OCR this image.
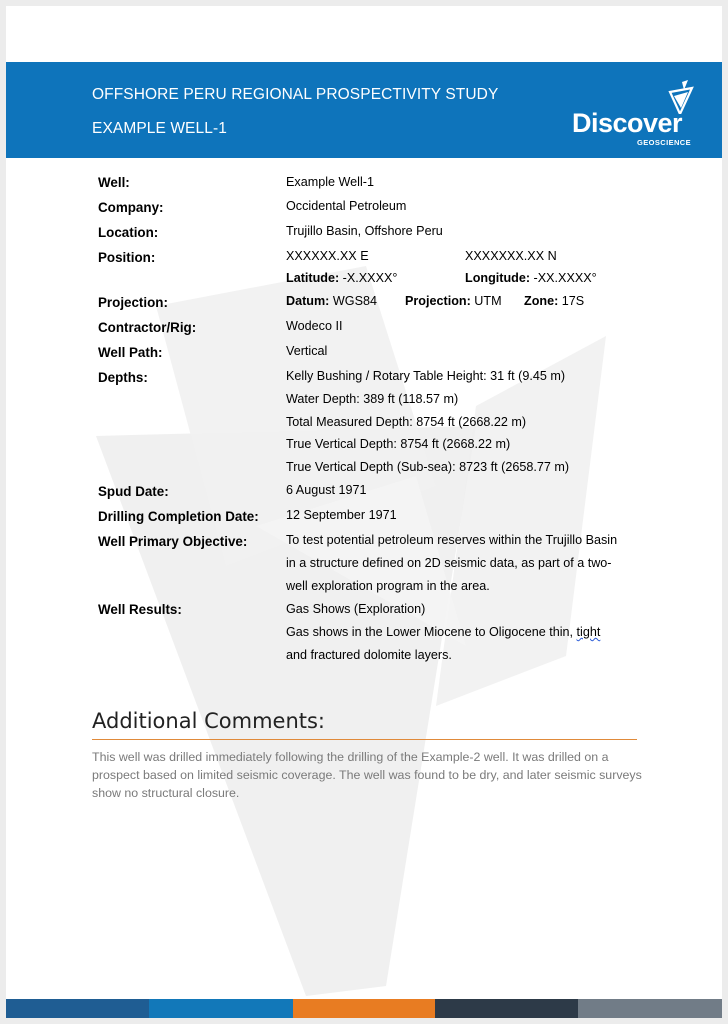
OFFSHORE PERU REGIONAL PROSPECTIVITY STUDY
EXAMPLE WELL-1	Discover
GEOSCIENCE
Well:	Example Well-1
Company:	Occidental Petroleum
Location:	Trujillo Basin, Offshore Peru
Position:	XXXXXX.XX E	XXXXXXX.XX N
Latitude: -X.XXXX°	Longitude: -XX.XXXX°
Projection:	Datum: WGS84 Projection: UTM Zone: 17S
Contractor/Rig:	Wodeco II
Well Path:	Vertical
Depths:	Kelly Bushing / Rotary Table Height: 31 ft (9.45 m)
Water Depth: 389 ft (118.57 m)
Total Measured Depth: 8754 ft (2668.22 m)
True Vertical Depth: 8754 ft (2668.22 m)
True Vertical Depth (Sub-sea): 8723 ft (2658.77 m)
Spud Date:	6 August 1971
Drilling Completion Date: 12 September 1971
Well Primary Objective:	To test potential petroleum reserves within the Trujillo Basin
in a structure defined on 2D seismic data, as part of a two-
well exploration program in the area.
Well Results:	Gas Shows (Exploration)
Gas shows in the Lower Miocene to Oligocene thin, tight
and fractured dolomite layers.
Additional Comments:
This well was drilled immediately following the drilling of the Example-2 well. It was drilled on a prospect based on limited seismic coverage. The well was found to be dry, and later seismic surveys show no structural closure.
